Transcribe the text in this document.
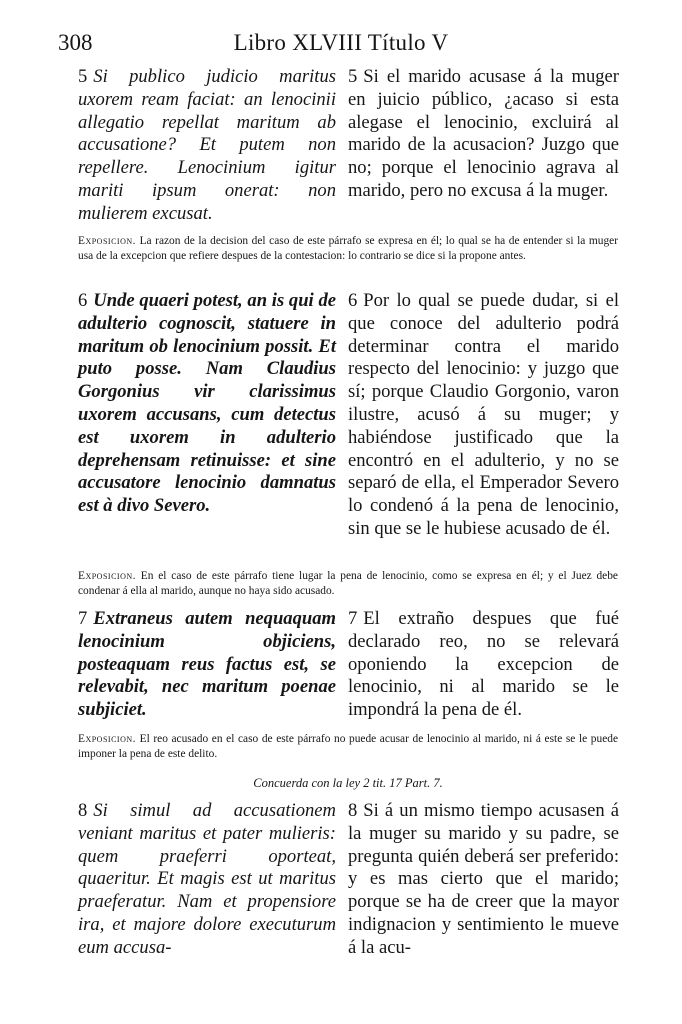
308	Libro XLVIII Título V
5 Si publico judicio maritus uxorem ream faciat: an lenocinii allegatio repellat maritum ab accusatione? Et putem non repellere. Lenocinium igitur mariti ipsum onerat: non mulierem excusat.
5 Si el marido acusase á la muger en juicio público, ¿acaso si esta alegase el lenocinio, excluirá al marido de la acusacion? Juzgo que no; porque el lenocinio agrava al marido, pero no excusa á la muger.
Exposicion. La razon de la decision del caso de este párrafo se expresa en él; lo qual se ha de entender si la muger usa de la excepcion que refiere despues de la contestacion: lo contrario se dice si la propone antes.
6 Unde quaeri potest, an is qui de adulterio cognoscit, statuere in maritum ob lenocinium possit. Et puto posse. Nam Claudius Gorgonius vir clarissimus uxorem accusans, cum detectus est uxorem in adulterio deprehensam retinuisse: et sine accusatore lenocinio damnatus est à divo Severo.
6 Por lo qual se puede dudar, si el que conoce del adulterio podrá determinar contra el marido respecto del lenocinio: y juzgo que sí; porque Claudio Gorgonio, varon ilustre, acusó á su muger; y habiéndose justificado que la encontró en el adulterio, y no se separó de ella, el Emperador Severo lo condenó á la pena de lenocinio, sin que se le hubiese acusado de él.
Exposicion. En el caso de este párrafo tiene lugar la pena de lenocinio, como se expresa en él; y el Juez debe condenar á ella al marido, aunque no haya sido acusado.
7 Extraneus autem nequaquam lenocinium objiciens, posteaquam reus factus est, se relevabit, nec maritum poenae subjiciet.
7 El extraño despues que fué declarado reo, no se relevará oponiendo la excepcion de lenocinio, ni al marido se le impondrá la pena de él.
Exposicion. El reo acusado en el caso de este párrafo no puede acusar de lenocinio al marido, ni á este se le puede imponer la pena de este delito.
Concuerda con la ley 2 tit. 17 Part. 7.
8 Si simul ad accusationem veniant maritus et pater mulieris: quem praeferri oporteat, quaeritur. Et magis est ut maritus praeferatur. Nam et propensiore ira, et majore dolore executurum eum accusa-
8 Si á un mismo tiempo acusasen á la muger su marido y su padre, se pregunta quién deberá ser preferido: y es mas cierto que el marido; porque se ha de creer que la mayor indignacion y sentimiento le mueve á la acu-
